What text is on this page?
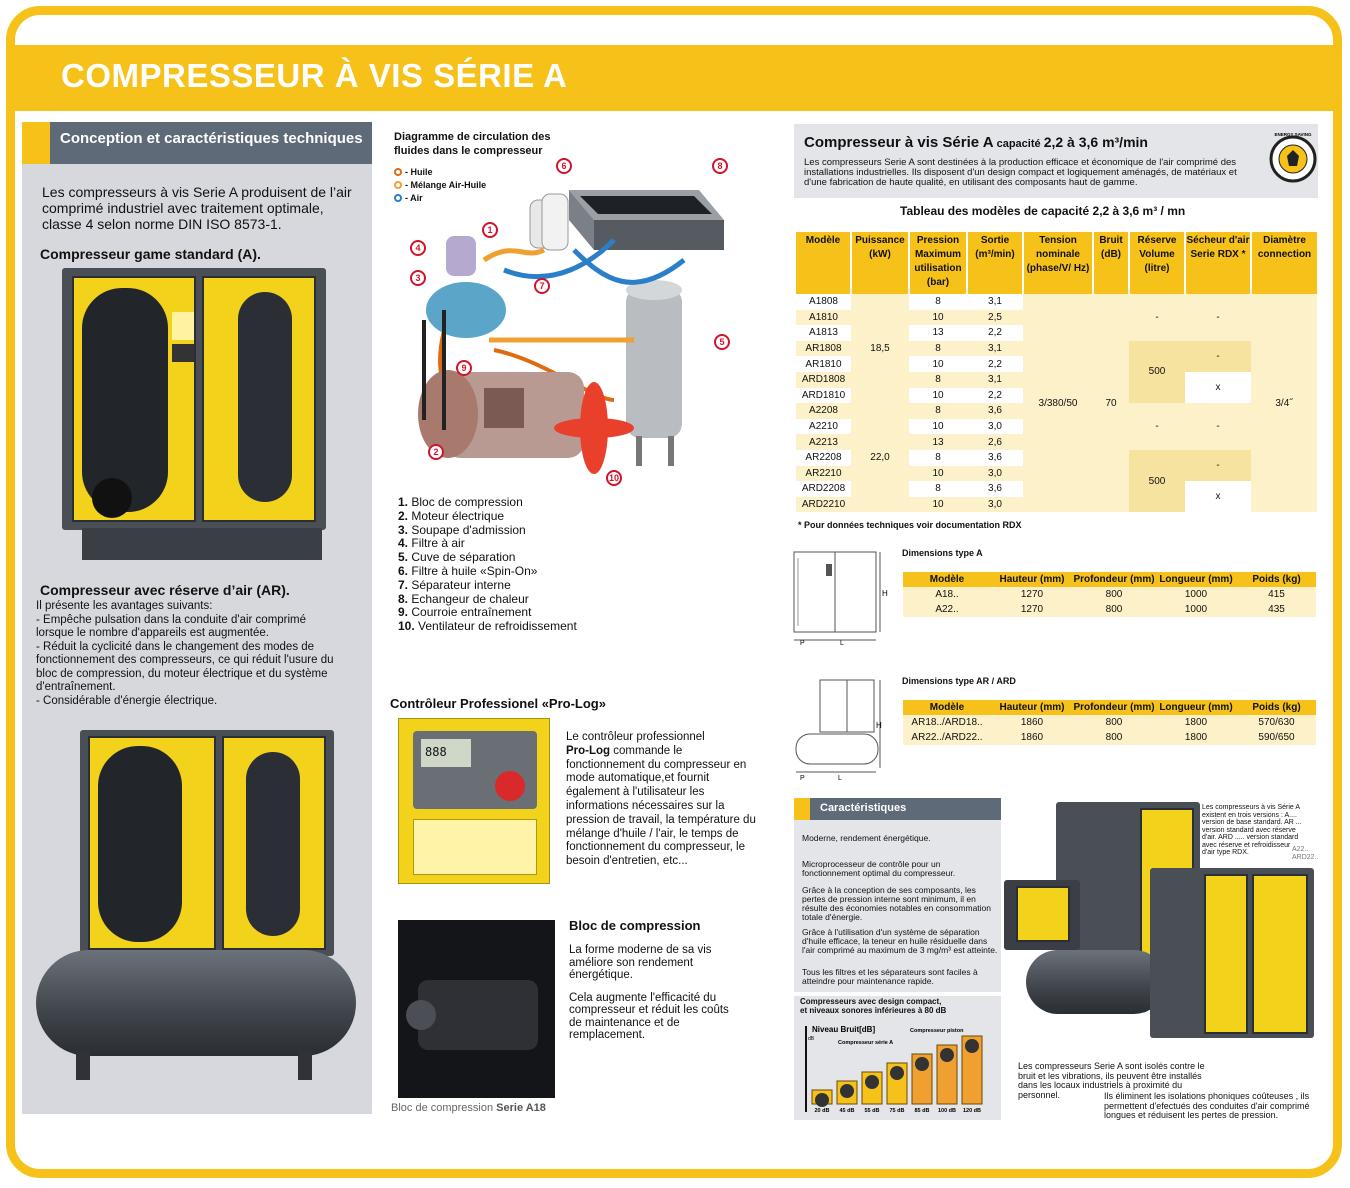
COMPRESSEUR À VIS SÉRIE A
Conception et caractéristiques techniques
Les compresseurs à vis Serie A produisent de l’air comprimé industriel avec traitement optimale, classe 4 selon norme DIN ISO 8573-1.
Compresseur game standard (A).
Compresseur avec réserve d’air (AR).
Il présente les avantages suivants:
- Empêche pulsation dans la conduite d'air comprimé lorsque le nombre d'appareils est augmentée.
- Réduit la cyclicité dans le changement des modes de fonctionnement des compresseurs, ce qui réduit l'usure du bloc de compression, du moteur électrique et du système d'entraînement.
- Considérable d'énergie électrique.
Diagramme de circulation des
fluides dans le compresseur
- Huile
- Mélange Air-Huile
- Air
1
2
3
4
5
6
7
8
9
10
1. Bloc de compression
2. Moteur électrique
3. Soupape d'admission
4. Filtre à air
5. Cuve de séparation
6. Filtre à huile «Spin-On»
7. Séparateur interne
8. Echangeur de chaleur
9. Courroie entraînement
10. Ventilateur de refroidissement
Contrôleur Professionel «Pro-Log»
888
Le contrôleur professionnel
Pro-Log commande le fonctionnement du compresseur en mode automatique,et fournit également à l'utilisateur les informations nécessaires sur la pression de travail, la température du mélange d'huile / l'air, le temps de fonctionnement du compresseur, le besoin d'entretien, etc...
Bloc de compression
La forme moderne de sa vis améliore son rendement énergétique.
Cela augmente l'efficacité du compresseur et réduit les coûts de maintenance et de remplacement.
Bloc de compression Serie A18
Compresseur à vis Série A capacité 2,2 à 3,6 m³/min

Les compresseurs Serie A sont destinées à la production efficace et économique de l'air comprimé des installations industrielles. Ils disposent d'un design compact et logiquement aménagés, de matériaux et d'une fabrication de haute qualité, en utilisant des composants haut de gamme.

ENERGY SAVING
Tableau des modèles de capacité 2,2 à 3,6 m³ / mn
Modèle	Puissance (kW)	Pression Maximum utilisation (bar)	Sortie (m³/min)	Tension nominale (phase/V/ Hz)	Bruit (dB)	Réserve Volume (litre)	Sécheur d'air Serie RDX *	Diamètre connection
A1808	18,5	8	3,1	3/380/50	70	-	-	3/4˝
A1810		10	2,5					
A1813		13	2,2					
AR1808		8	3,1			500	-	
AR1810		10	2,2					
ARD1808		8	3,1				x	
ARD1810		10	2,2					
A2208	22,0	8	3,6			-	-	
A2210		10	3,0					
A2213		13	2,6					
AR2208		8	3,6			500	-	
AR2210		10	3,0					
ARD2208		8	3,6				x	
ARD2210		10	3,0					
* Pour données techniques voir documentation RDX
H
P	L
Dimensions type A
Modèle	Hauteur (mm)	Profondeur (mm)	Longueur (mm)	Poids (kg)
A18..	1270	800	1000	415
A22..	1270	800	1000	435
H
P	L
Dimensions type AR / ARD
Modèle	Hauteur (mm)	Profondeur (mm)	Longueur (mm)	Poids (kg)
AR18../ARD18..	1860	800	1800	570/630
AR22../ARD22..	1860	800	1800	590/650
Caractéristiques

Moderne, rendement énergétique.

Microprocesseur de contrôle pour un fonctionnement optimal du compresseur.

Grâce à la conception de ses composants, les pertes de pression interne sont minimum, il en résulte des économies notables en consommation totale d'énergie.

Grâce à l'utilisation d'un système de séparation d'huile efficace, la teneur en huile résiduelle dans l'air comprimé au maximum de 3 mg/m³ est atteinte.

Tous les filtres et les séparateurs sont faciles à atteindre pour maintenance rapide.

Compresseurs avec design compact,
et niveaux sonores inférieures à 80 dB
Niveau Bruit[dB]
dB
Compresseur série A
Compresseur piston
20 dB 45 dB 55 dB 75 dB 85 dB 100 dB 120 dB
Les compresseurs à vis Série A existent en trois versions : A.... version de base standard. AR ... version standard avec réserve d'air. ARD ..... version standard avec réserve et refroidisseur d'air type RDX.	A22.. ARD22..
Les compresseurs Serie A sont isolés contre le bruit et les vibrations, ils peuvent être installés dans les locaux industriels à proximité du personnel.	Ils éliminent les isolations phoniques coûteuses , ils permettent d'efectués des conduites d'air comprimé longues et réduisent les pertes de pression.
